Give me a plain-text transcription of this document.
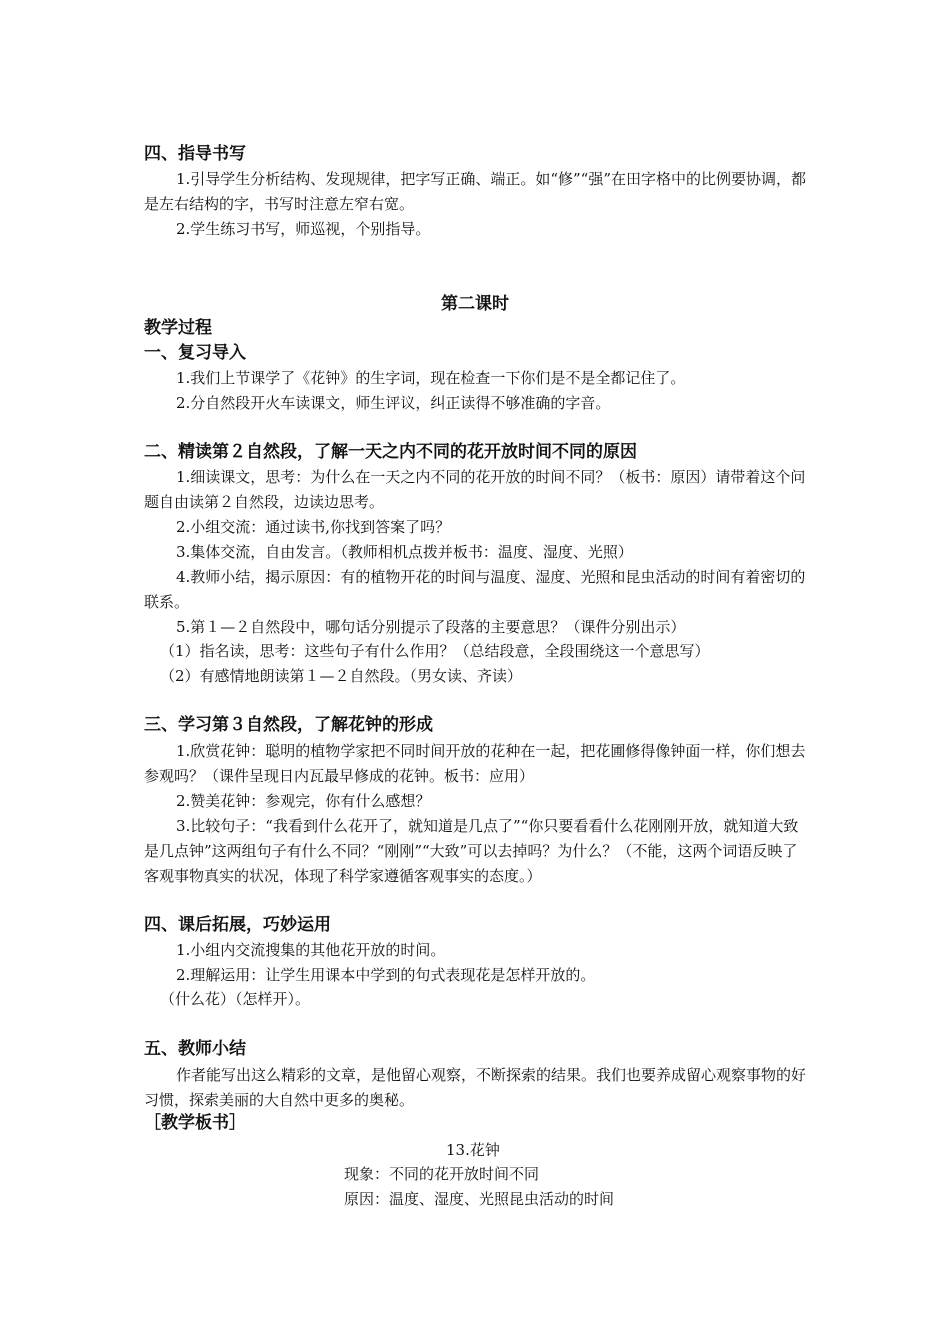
四、指导书写
1.引导学生分析结构、发现规律，把字写正确、端正。如“修”“强”在田字格中的比例要协调，都是左右结构的字，书写时注意左窄右宽。
2.学生练习书写，师巡视，个别指导。
第二课时
教学过程
一、复习导入
1.我们上节课学了《花钟》的生字词，现在检查一下你们是不是全都记住了。
2.分自然段开火车读课文，师生评议，纠正读得不够准确的字音。
二、精读第２自然段，了解一天之内不同的花开放时间不同的原因
1.细读课文，思考：为什么在一天之内不同的花开放的时间不同？（板书：原因）请带着这个问题自由读第２自然段，边读边思考。
2.小组交流：通过读书,你找到答案了吗？
3.集体交流，自由发言。（教师相机点拨并板书：温度、湿度、光照）
4.教师小结，揭示原因：有的植物开花的时间与温度、湿度、光照和昆虫活动的时间有着密切的联系。
5.第１—２自然段中，哪句话分别提示了段落的主要意思？（课件分别出示）
（1）指名读，思考：这些句子有什么作用？（总结段意，全段围绕这一个意思写）
（2）有感情地朗读第１—２自然段。（男女读、齐读）
三、学习第３自然段，了解花钟的形成
1.欣赏花钟：聪明的植物学家把不同时间开放的花种在一起，把花圃修得像钟面一样，你们想去参观吗？（课件呈现日内瓦最早修成的花钟。板书：应用）
2.赞美花钟：参观完，你有什么感想？
3.比较句子：“我看到什么花开了，就知道是几点了”“你只要看看什么花刚刚开放，就知道大致是几点钟”这两组句子有什么不同？“刚刚”“大致”可以去掉吗？为什么？（不能，这两个词语反映了客观事物真实的状况，体现了科学家遵循客观事实的态度。）
四、课后拓展，巧妙运用
1.小组内交流搜集的其他花开放的时间。
2.理解运用：让学生用课本中学到的句式表现花是怎样开放的。
（什么花）（怎样开）。
五、教师小结
作者能写出这么精彩的文章，是他留心观察，不断探索的结果。我们也要养成留心观察事物的好习惯，探索美丽的大自然中更多的奥秘。
［教学板书］
13.花钟
现象：不同的花开放时间不同
原因：温度、湿度、光照昆虫活动的时间
